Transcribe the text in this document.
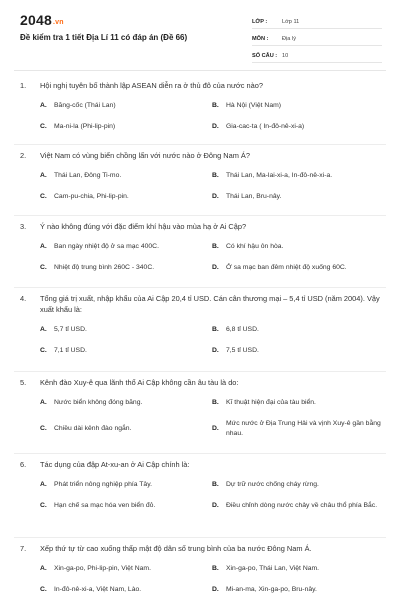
2048.vn
Đề kiểm tra 1 tiết Địa Lí 11 có đáp án (Đề 66)
LỚP :	Lớp 11
MÔN :	Địa lý
SỐ CÂU : 10
1.	Hội nghị tuyên bố thành lập ASEAN diễn ra ở thủ đô của nước nào?
A.	Băng-cốc (Thái Lan)	B.	Hà Nội (Việt Nam)
C.	Ma-ni-la (Phi-lip-pin)	D.	Gia-cac-ta ( In-đô-nê-xi-a)
2.	Việt Nam có vùng biển chồng lấn với nước nào ở Đông Nam Á?
A.	Thái Lan, Đông Ti-mo.	B.	Thái Lan, Ma-lai-xi-a, In-đô-nê-xi-a.
C.	Cam-pu-chia, Phi-lip-pin.	D.	Thái Lan, Bru-nây.
3.	Ý nào không đúng với đặc điểm khí hậu vào mùa hạ ở Ai Cập?
A.	Ban ngày nhiệt độ ở sa mạc 400C.	B.	Có khí hậu ôn hòa.
C.	Nhiệt độ trung bình 260C - 340C.	D.	Ở sa mạc ban đêm nhiệt độ xuống 60C.
4.	Tổng giá trị xuất, nhập khẩu của Ai Cập 20,4 tỉ USD. Cán cân thương mại – 5,4 tỉ USD (năm 2004). Vậy xuất khẩu là:
A.	5,7 tỉ USD.	B.	6,8 tỉ USD.
C.	7,1 tỉ USD.	D.	7,5 tỉ USD.
5.	Kênh đào Xuy-ê qua lãnh thổ Ai Cập không cần âu tàu là do:
A.	Nước biển không đóng băng.	B.	Kĩ thuật hiện đại của tàu biển.
C.	Chiều dài kênh đào ngắn.	D.
Mức nước ở Địa Trung Hải và vịnh Xuy-ê gần bằng nhau.
6.	Tác dụng của đập At-xu-an ở Ai Cập chính là:
A.	Phát triển nông nghiệp phía Tây.	B.	Dự trữ nước chống cháy rừng.
C.	Hạn chế sa mạc hóa ven biển đỏ.	D.	Điều chỉnh dòng nước chảy về châu thổ phía Bắc.
7.	Xếp thứ tự từ cao xuống thấp mật độ dân số trung bình của ba nước Đông Nam Á.
A.	Xin-ga-po, Phi-lip-pin, Việt Nam.	B.	Xin-ga-po, Thái Lan, Việt Nam.
C.	In-đô-nê-xi-a, Việt Nam, Lào.	D.	Mi-an-ma, Xin-ga-po, Bru-nây.
